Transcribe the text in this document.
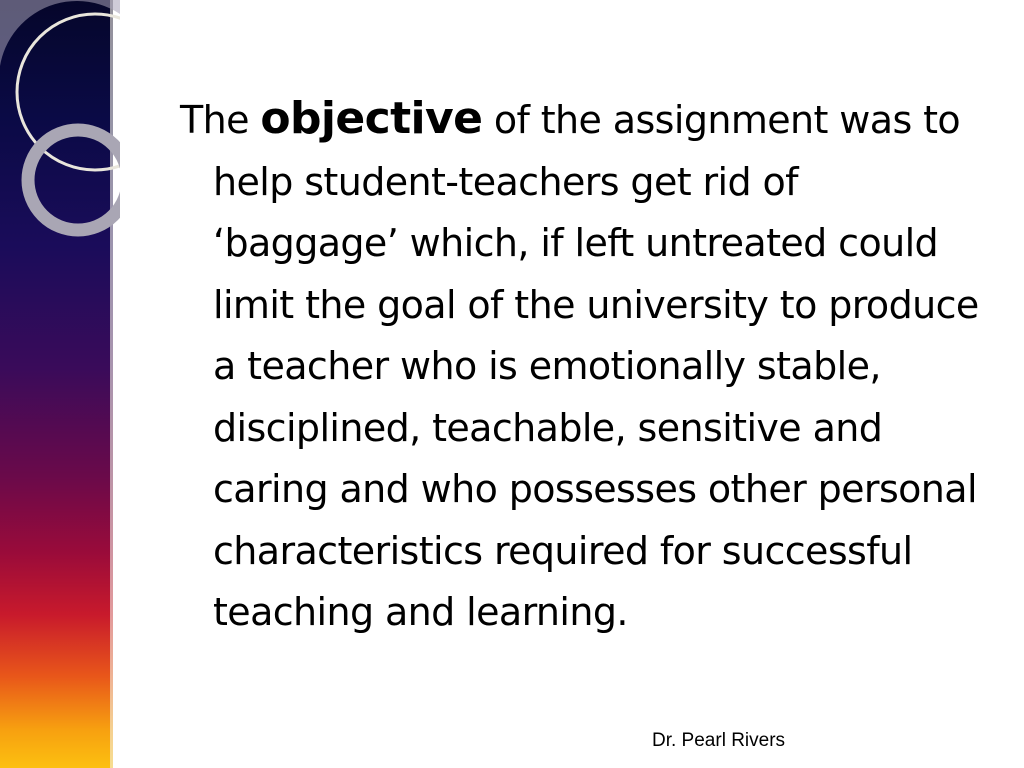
The objective of the assignment was to help student-teachers get rid of ‘baggage’ which, if left untreated could limit the goal of the university to produce a teacher who is emotionally stable, disciplined, teachable, sensitive and caring and who possesses other personal characteristics required for successful teaching and learning.

Dr. Pearl Rivers
